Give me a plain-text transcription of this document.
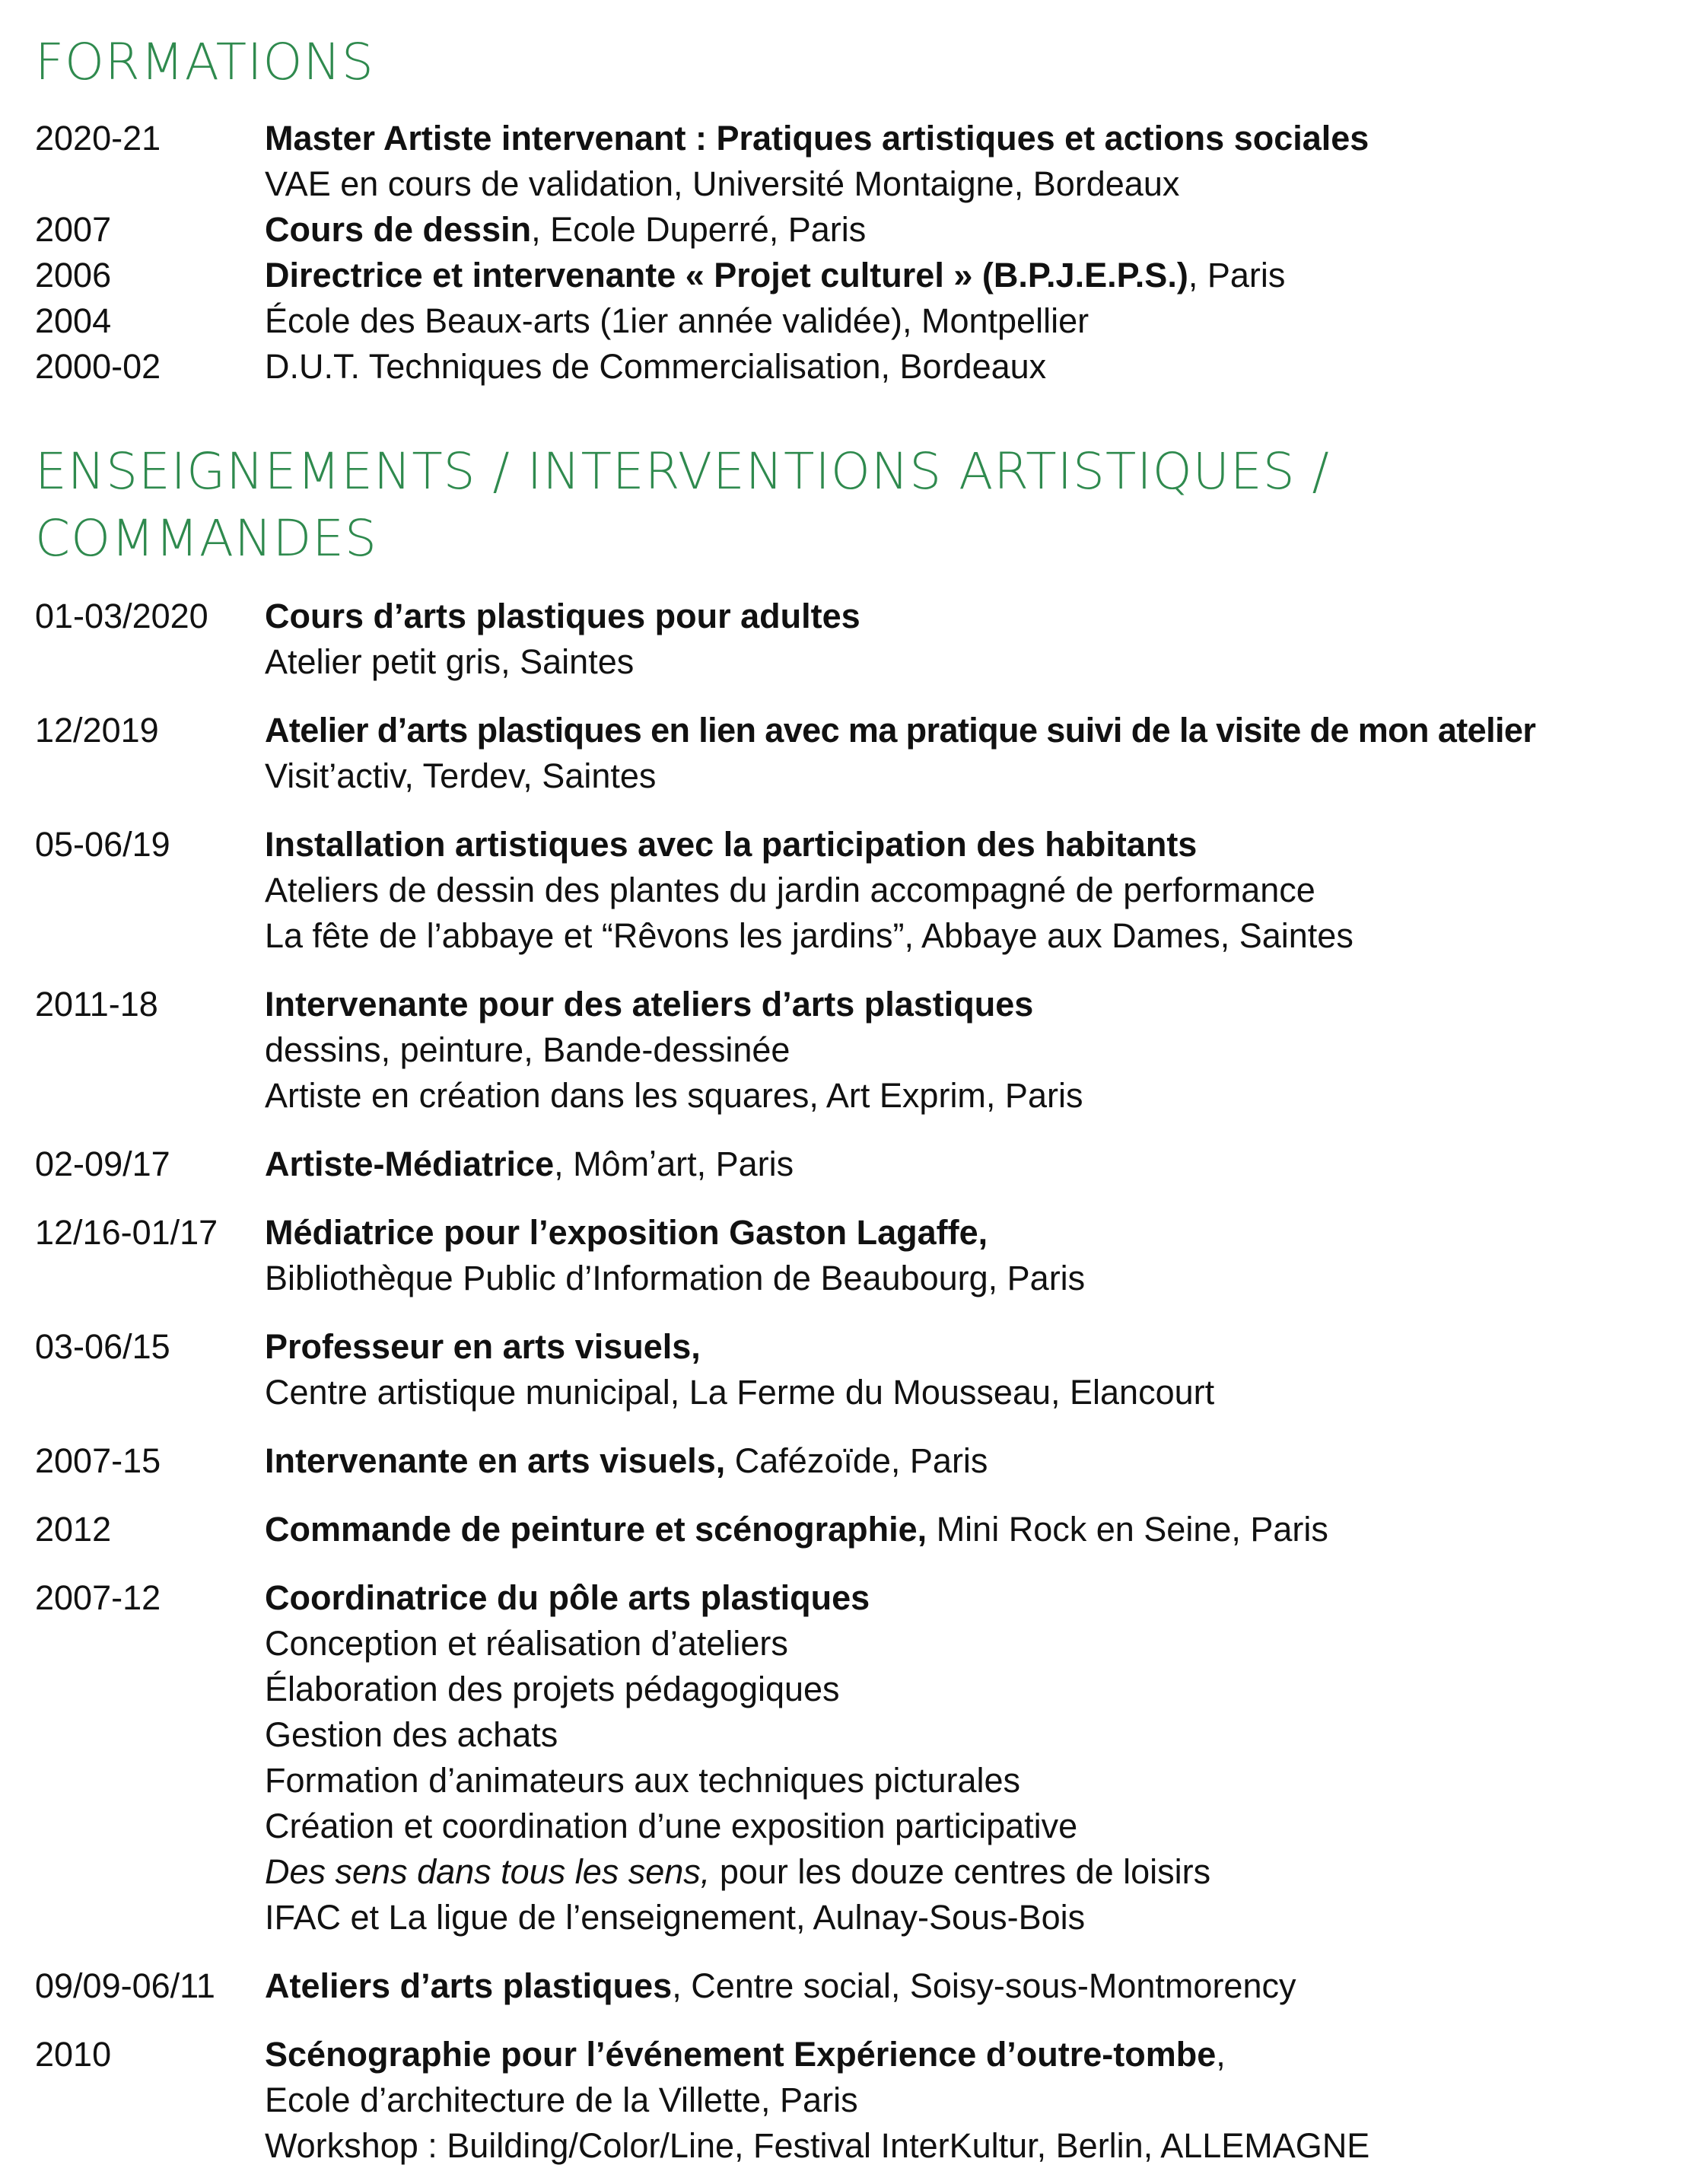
FORMATIONS
2020-21	Master Artiste intervenant : Pratiques artistiques et actions sociales
VAE en cours de validation, Université Montaigne, Bordeaux
2007	Cours de dessin, Ecole Duperré, Paris
2006	Directrice et intervenante « Projet culturel » (B.P.J.E.P.S.), Paris
2004	École des Beaux-arts (1ier année validée), Montpellier
2000-02	D.U.T. Techniques de Commercialisation, Bordeaux
ENSEIGNEMENTS / INTERVENTIONS ARTISTIQUES /
COMMANDES
01-03/2020 Cours d’arts plastiques pour adultes
Atelier petit gris, Saintes
12/2019	Atelier d’arts plastiques en lien avec ma pratique suivi de la visite de mon atelier
Visit’activ, Terdev, Saintes
05-06/19	Installation artistiques avec la participation des habitants
Ateliers de dessin des plantes du jardin accompagné de performance
La fête de l’abbaye et “Rêvons les jardins”, Abbaye aux Dames, Saintes
2011-18	Intervenante pour des ateliers d’arts plastiques
dessins, peinture, Bande-dessinée
Artiste en création dans les squares, Art Exprim, Paris
02-09/17	Artiste-Médiatrice, Mômʼart, Paris
12/16-01/17 Médiatrice pour l’exposition Gaston Lagaffe,
Bibliothèque Public d’Information de Beaubourg, Paris
03-06/15	Professeur en arts visuels,
Centre artistique municipal, La Ferme du Mousseau, Elancourt
2007-15	Intervenante en arts visuels, Cafézoïde, Paris
2012	Commande de peinture et scénographie, Mini Rock en Seine, Paris
2007-12	Coordinatrice du pôle arts plastiques
Conception et réalisation d’ateliers
Élaboration des projets pédagogiques
Gestion des achats
Formation d’animateurs aux techniques picturales
Création et coordination d’une exposition participative
Des sens dans tous les sens, pour les douze centres de loisirs
IFAC et La ligue de l’enseignement, Aulnay-Sous-Bois
09/09-06/11 Ateliers d’arts plastiques, Centre social, Soisy-sous-Montmorency
2010	Scénographie pour l’événement Expérience d’outre-tombe,
Ecole d’architecture de la Villette, Paris
Workshop : Building/Color/Line, Festival InterKultur, Berlin, ALLEMAGNE
